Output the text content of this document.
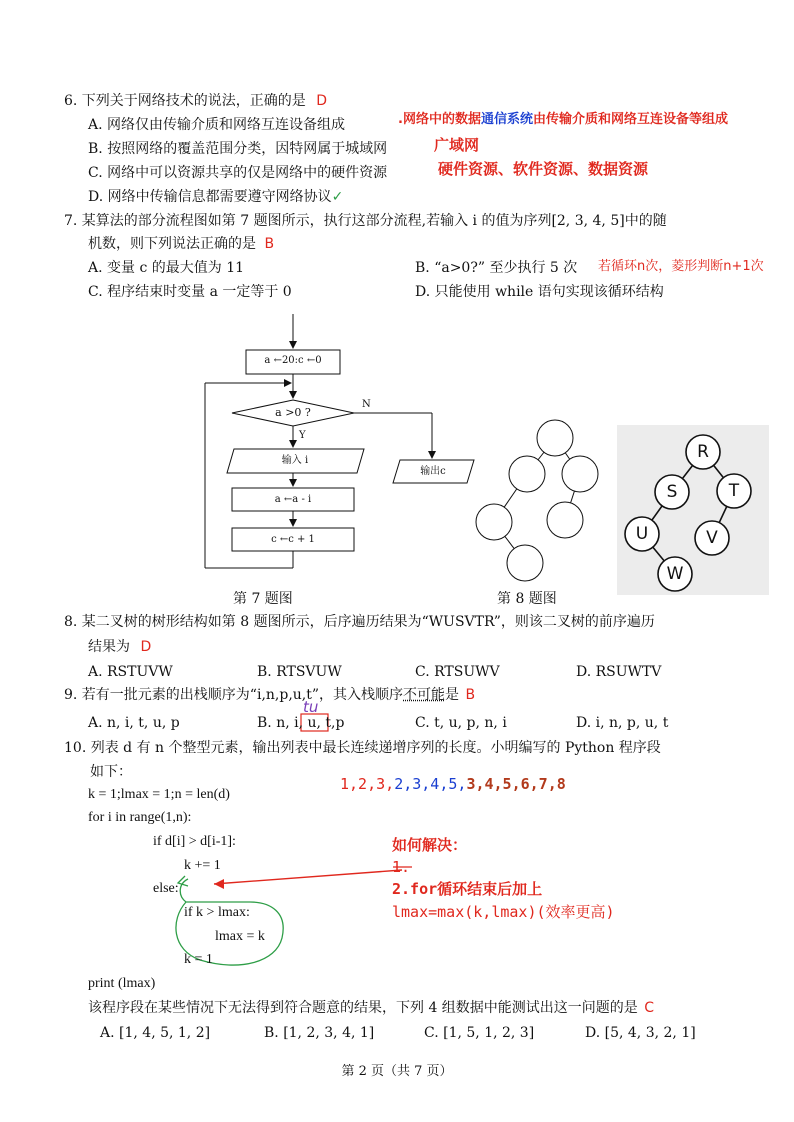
6. 下列关于网络技术的说法，正确的是 D
A. 网络仅由传输介质和网络互连设备组成	.网络中的数据通信系统由传输介质和网络互连设备等组成
B. 按照网络的覆盖范围分类，因特网属于城域网	广域网
C. 网络中可以资源共享的仅是网络中的硬件资源	硬件资源、软件资源、数据资源
D. 网络中传输信息都需要遵守网络协议✓
7. 某算法的部分流程图如第 7 题图所示，执行这部分流程,若输入 i 的值为序列[2, 3, 4, 5]中的随
机数，则下列说法正确的是 B
A. 变量 c 的最大值为 11	B. “a>0?” 至少执行 5 次 若循环n次，菱形判断n+1次
C. 程序结束时变量 a 一定等于 0	D. 只能使用 while 语句实现该循环结构
a ←20:c ←0
a >0 ?
N
Y
输入 i
a ←a - i
c ←c + 1
输出c
第 7 题图	第 8 题图
R
S	T
U	V
W
8. 某二叉树的树形结构如第 8 题图所示，后序遍历结果为“WUSVTR”，则该二叉树的前序遍历
结果为 D
A. RSTUVW	B. RTSVUW	C. RTSUWV	D. RSUWTV
9. 若有一批元素的出栈顺序为“i,n,p,u,t”，其入栈顺序不可能是 B
tu
A. n, i, t, u, p	B. n, i, u, t,p	C. t, u, p, n, i	D. i, n, p, u, t
10. 列表 d 有 n 个整型元素，输出列表中最长连续递增序列的长度。小明编写的 Python 程序段
如下：
1,2,3,2,3,4,5,3,4,5,6,7,8
k = 1;lmax = 1;n = len(d)
for i in range(1,n):
if d[i] > d[i-1]:
k += 1
else:
if k > lmax:
lmax = k
k = 1
print (lmax)
如何解决：
1.
2.for循环结束后加上
lmax=max(k,lmax)(效率更高)
该程序段在某些情况下无法得到符合题意的结果，下列 4 组数据中能测试出这一问题的是 C
A. [1, 4, 5, 1, 2]	B. [1, 2, 3, 4, 1]	C. [1, 5, 1, 2, 3]	D. [5, 4, 3, 2, 1]
第 2 页（共 7 页）
